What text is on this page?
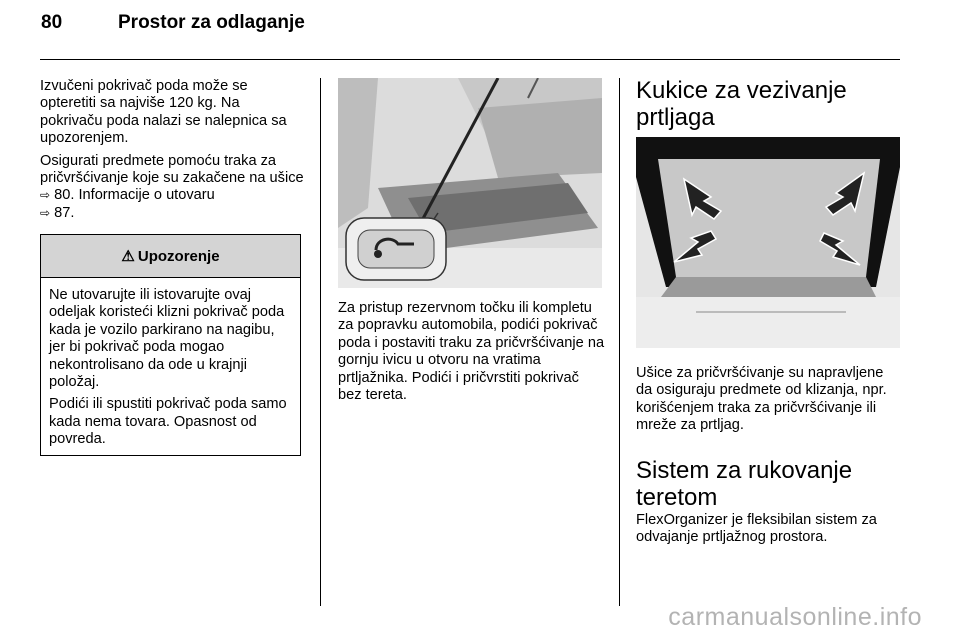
80	Prostor za odlaganje

Izvučeni pokrivač poda može se opteretiti sa najviše 120 kg. Na pokrivaču poda nalazi se nalepnica sa upozorenjem.

Osigurati predmete pomoću traka za pričvršćivanje koje su zakačene na ušice ⇨ 80. Informacije o utovaru
⇨ 87.

⚠ Upozorenje

Ne utovarujte ili istovarujte ovaj odeljak koristeći klizni pokrivač poda kada je vozilo parkirano na nagibu, jer bi pokrivač poda mogao nekontrolisano da ode u krajnji položaj.

Podići ili spustiti pokrivač poda samo kada nema tovara. Opasnost od povreda.

Za pristup rezervnom točku ili kompletu za popravku automobila, podići pokrivač poda i postaviti traku za pričvršćivanje na gornju ivicu u otvoru na vratima prtljažnika. Podići i pričvrstiti pokrivač bez tereta.

Kukice za vezivanje prtljaga
Ušice za pričvršćivanje su napravljene da osiguraju predmete od klizanja, npr. korišćenjem traka za pričvršćivanje ili mreže za prtljag.
Sistem za rukovanje teretom
FlexOrganizer je fleksibilan sistem za odvajanje prtljažnog prostora.
carmanualsonline.info
